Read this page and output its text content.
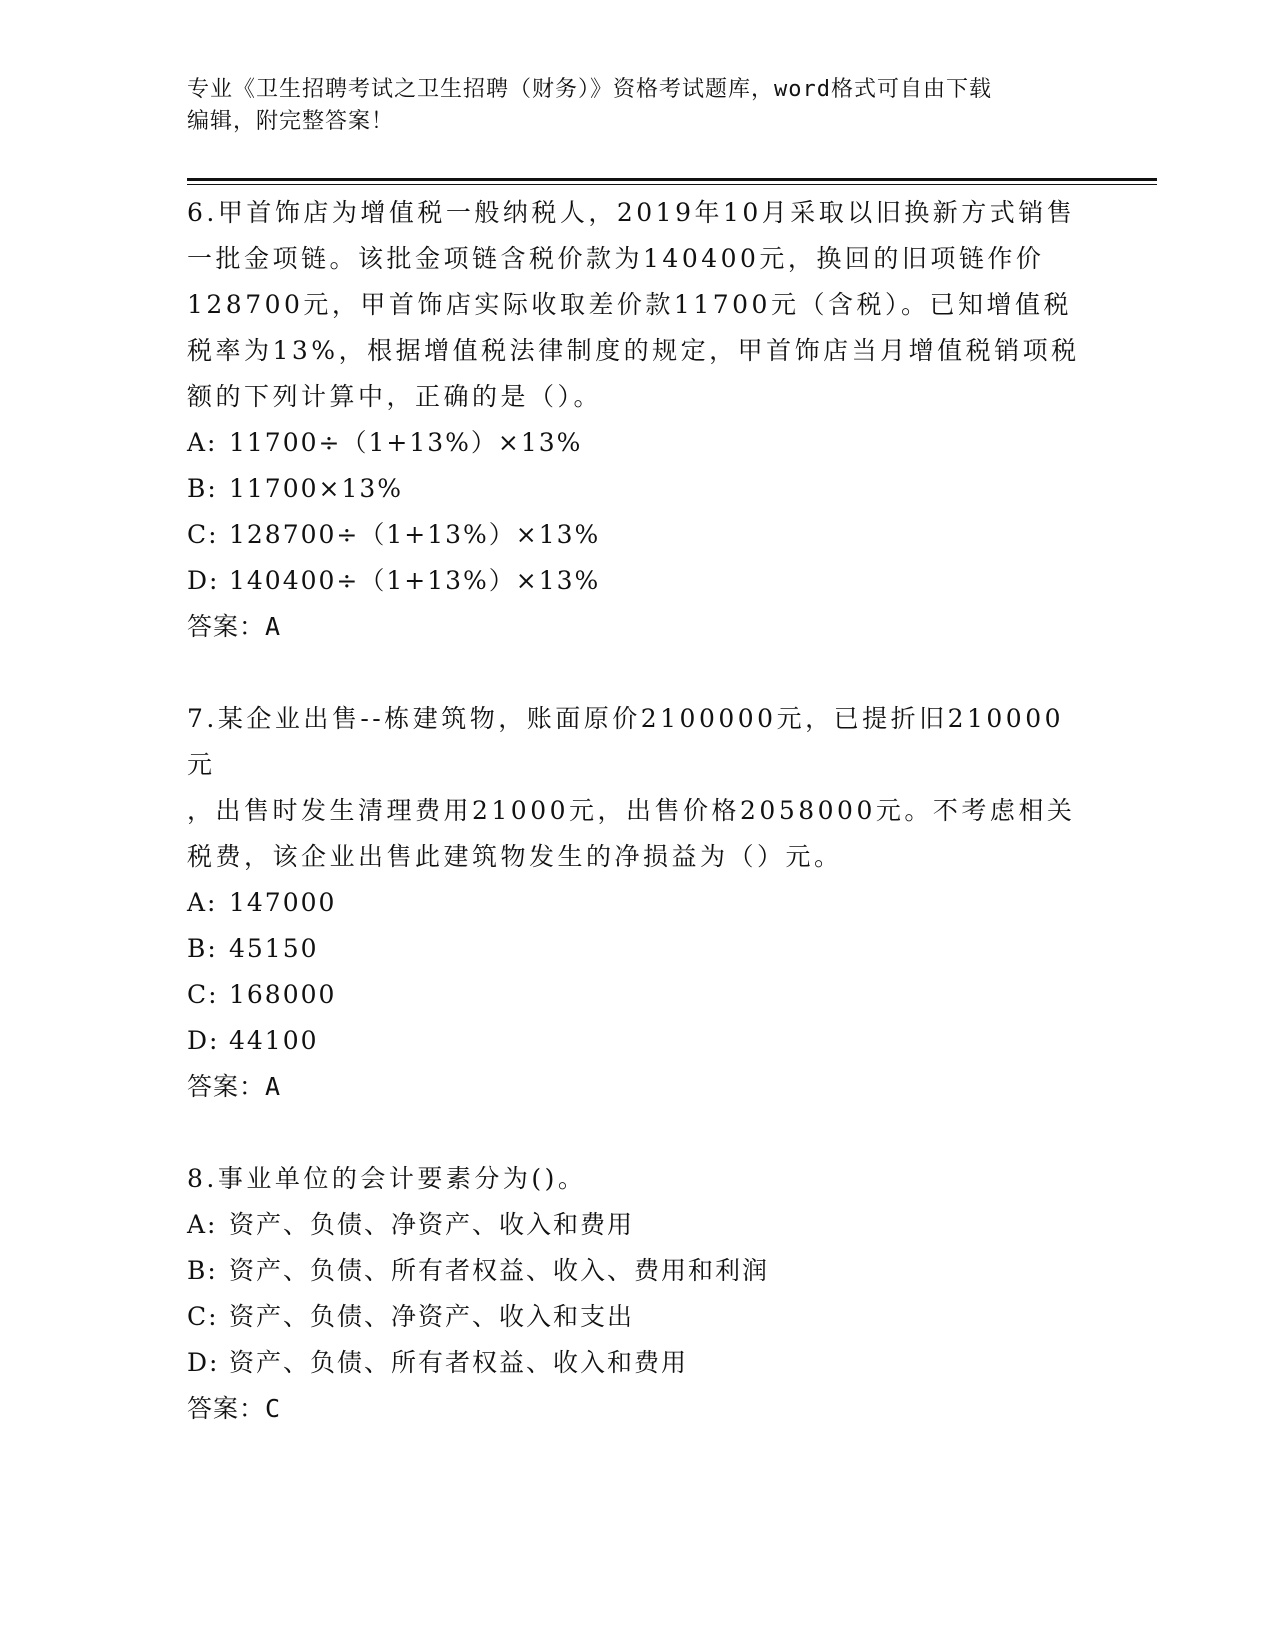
专业《卫生招聘考试之卫生招聘（财务）》资格考试题库，word格式可自由下载
编辑，附完整答案！

6.甲首饰店为增值税一般纳税人，2019年10月采取以旧换新方式销售

一批金项链。该批金项链含税价款为140400元，换回的旧项链作价

128700元，甲首饰店实际收取差价款11700元（含税）。已知增值税

税率为13%，根据增值税法律制度的规定，甲首饰店当月增值税销项税

额的下列计算中，正确的是（）。

A: 11700÷（1+13%）×13%

B: 11700×13%

C: 128700÷（1+13%）×13%

D: 140400÷（1+13%）×13%

答案：A

7.某企业出售--栋建筑物，账面原价2100000元，已提折旧210000元

，出售时发生清理费用21000元，出售价格2058000元。不考虑相关

税费，该企业出售此建筑物发生的净损益为（）元。

A: 147000

B: 45150

C: 168000

D: 44100

答案：A

8.事业单位的会计要素分为()。

A: 资产、负债、净资产、收入和费用

B: 资产、负债、所有者权益、收入、费用和利润

C: 资产、负债、净资产、收入和支出

D: 资产、负债、所有者权益、收入和费用

答案：C
